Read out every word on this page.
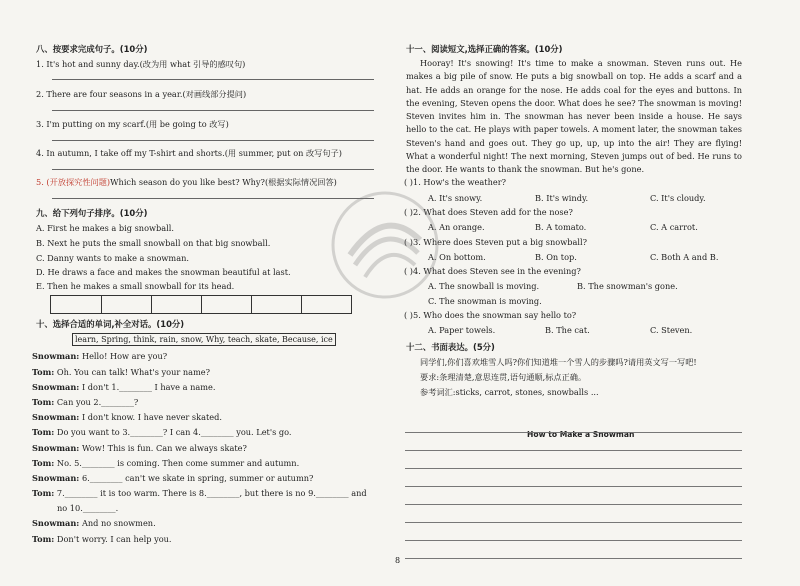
八、按要求完成句子。(10分)
1. It's hot and sunny day.(改为用 what 引导的感叹句)
2. There are four seasons in a year.(对画线部分提问)
3. I'm putting on my scarf.(用 be going to 改写)
4. In autumn, I take off my T-shirt and shorts.(用 summer, put on 改写句子)
5. (开放探究性问题)Which season do you like best? Why?(根据实际情况回答)
九、给下列句子排序。(10分)
A. First he makes a big snowball.
B. Next he puts the small snowball on that big snowball.
C. Danny wants to make a snowman.
D. He draws a face and makes the snowman beautiful at last.
E. Then he makes a small snowball for its head.
十、选择合适的单词,补全对话。(10分)
learn, Spring, think, rain, snow, Why, teach, skate, Because, ice
Snowman: Hello! How are you?
Tom: Oh. You can talk! What's your name?
Snowman: I don't 1.________ I have a name.
Tom: Can you 2.________?
Snowman: I don't know. I have never skated.
Tom: Do you want to 3.________? I can 4.________ you. Let's go.
Snowman: Wow! This is fun. Can we always skate?
Tom: No. 5.________ is coming. Then come summer and autumn.
Snowman: 6.________ can't we skate in spring, summer or autumn?
Tom: 7.________ it is too warm. There is 8.________, but there is no 9.________ and
no 10.________.
Snowman: And no snowmen.
Tom: Don't worry. I can help you.
十一、阅读短文,选择正确的答案。(10分)
Hooray! It's snowing! It's time to make a snowman. Steven runs out. He makes a big pile of snow. He puts a big snowball on top. He adds a scarf and a hat. He adds an orange for the nose. He adds coal for the eyes and buttons. In the evening, Steven opens the door. What does he see? The snowman is moving! Steven invites him in. The snowman has never been inside a house. He says hello to the cat. He plays with paper towels. A moment later, the snowman takes Steven's hand and goes out. They go up, up, up into the air! They are flying! What a wonderful night! The next morning, Steven jumps out of bed. He runs to the door. He wants to thank the snowman. But he's gone.
( )1. How's the weather?
A. It's snowy.	B. It's windy.	C. It's cloudy.
( )2. What does Steven add for the nose?
A. An orange.	B. A tomato.	C. A carrot.
( )3. Where does Steven put a big snowball?
A. On bottom.	B. On top.	C. Both A and B.
( )4. What does Steven see in the evening?
A. The snowball is moving.	B. The snowman's gone.
C. The snowman is moving.
( )5. Who does the snowman say hello to?
A. Paper towels.	B. The cat.	C. Steven.
十二、书面表达。(5分)
同学们,你们喜欢堆雪人吗?你们知道堆一个雪人的步骤吗?请用英文写一写吧!
要求:条理清楚,意思连贯,语句通顺,标点正确。
参考词汇:sticks, carrot, stones, snowballs ...
How to Make a Snowman
8
